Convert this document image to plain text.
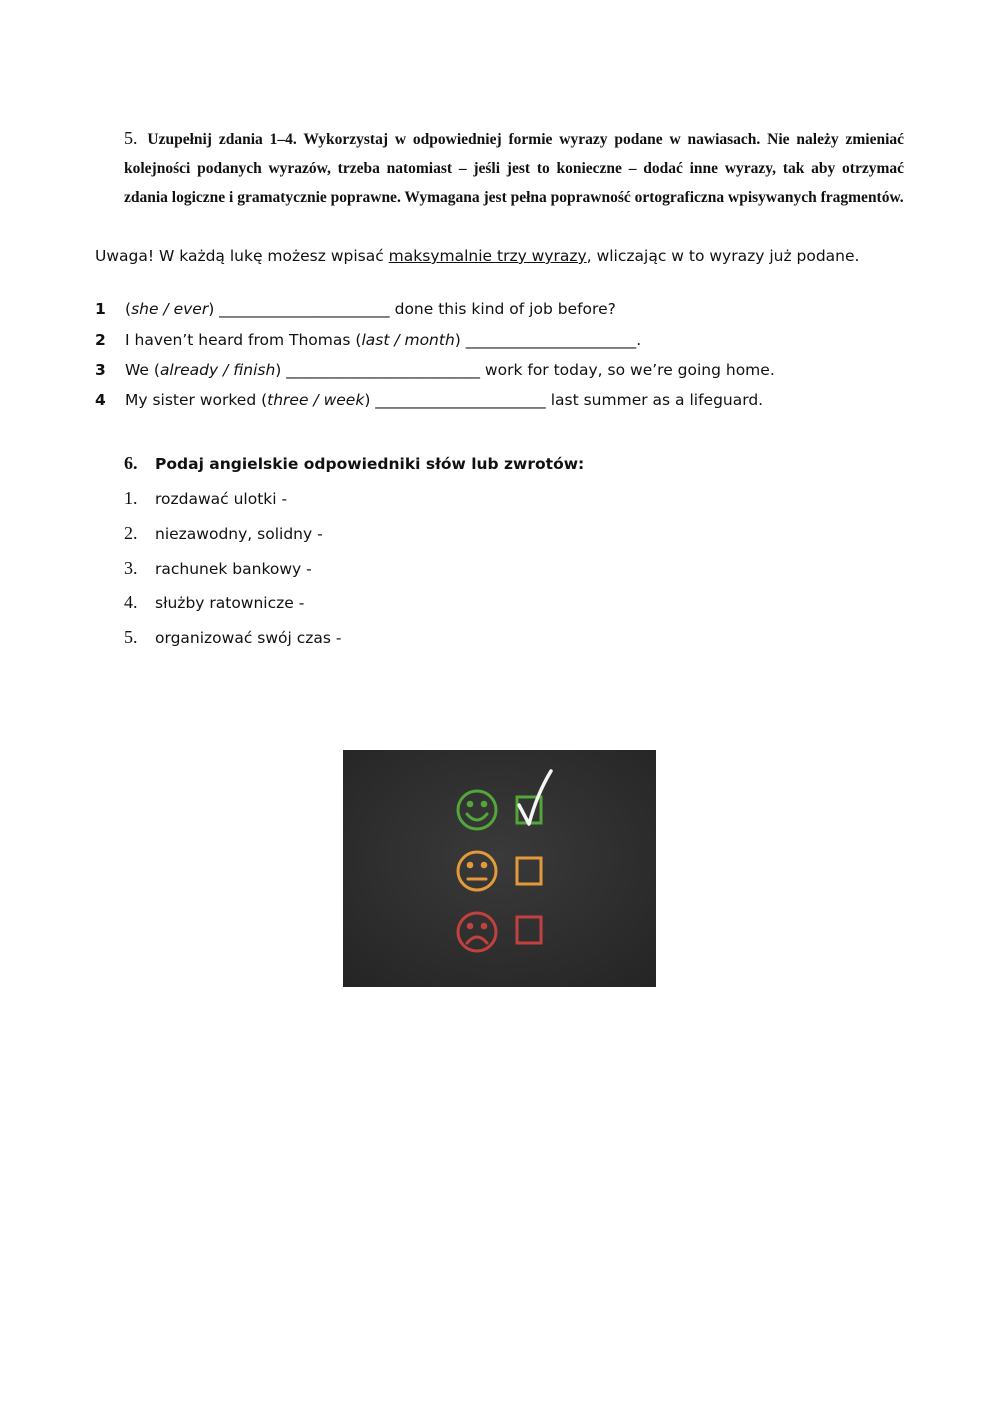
5. Uzupełnij zdania 1–4. Wykorzystaj w odpowiedniej formie wyrazy podane w nawiasach. Nie należy zmieniać kolejności podanych wyrazów, trzeba natomiast – jeśli jest to konieczne – dodać inne wyrazy, tak aby otrzymać zdania logiczne i gramatycznie poprawne. Wymagana jest pełna poprawność ortograficzna wpisywanych fragmentów.
Uwaga! W każdą lukę możesz wpisać maksymalnie trzy wyrazy, wliczając w to wyrazy już podane.
1 (she / ever) ______________________ done this kind of job before?
2 I haven’t heard from Thomas (last / month) ______________________.
3 We (already / finish) _________________________ work for today, so we’re going home.
4 My sister worked (three / week) ______________________ last summer as a lifeguard.
6. Podaj angielskie odpowiedniki słów lub zwrotów:
1. rozdawać ulotki -
2. niezawodny, solidny -
3. rachunek bankowy -
4. służby ratownicze -
5. organizować swój czas -
